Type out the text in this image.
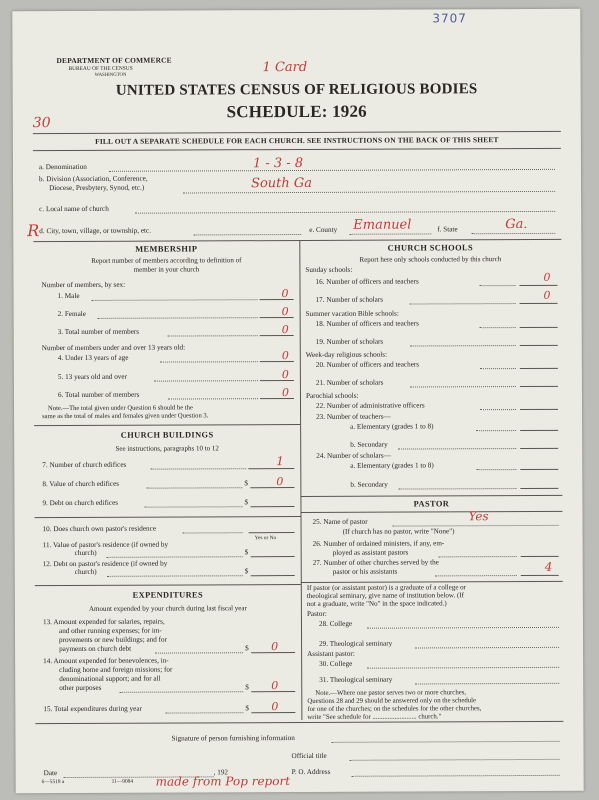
3707
DEPARTMENT OF COMMERCE
BUREAU OF THE CENSUS
WASHINGTON
1 Card
UNITED STATES CENSUS OF RELIGIOUS BODIES
SCHEDULE: 1926
30
FILL OUT A SEPARATE SCHEDULE FOR EACH CHURCH. SEE INSTRUCTIONS ON THE BACK OF THIS SHEET
a. Denomination	1 - 3 - 8
b. Division (Association, Conference,
Diocese, Presbytery, Synod, etc.)	South Ga
c. Local name of church
R d. City, town, village, or township, etc.	e. County Emanuel	f. State	Ga.
MEMBERSHIP
Report number of members according to definition of
member in your church
Number of members, by sex:
1. Male	0
2. Female	0
3. Total number of members	0
Number of members under and over 13 years old:
4. Under 13 years of age	0
5. 13 years old and over	0
6. Total number of members	0
Note.—The total given under Question 6 should be the
same as the total of males and females given under Question 3.
CHURCH BUILDINGS
See instructions, paragraphs 10 to 12
7. Number of church edifices	1
8. Value of church edifices	$	0
9. Debt on church edifices	$
10. Does church own pastor's residence
Yes or No
11. Value of pastor's residence (if owned by
church)	$
12. Debt on pastor's residence (if owned by
church)	$
EXPENDITURES
Amount expended by your church during last fiscal year
13. Amount expended for salaries, repairs,
and other running expenses; for im-
provements or new buildings; and for
payments on church debt	$ 0
14. Amount expended for benevolences, in-
cluding home and foreign missions; for
denominational support; and for all
other purposes	$ 0
15. Total expenditures during year	$ 0
CHURCH SCHOOLS
Report here only schools conducted by this church
Sunday schools:
16. Number of officers and teachers	0
17. Number of scholars	0
Summer vacation Bible schools:
18. Number of officers and teachers
19. Number of scholars
Week-day religious schools:
20. Number of officers and teachers
21. Number of scholars
Parochial schools:
22. Number of administrative officers
23. Number of teachers—
a. Elementary (grades 1 to 8)
b. Secondary
24. Number of scholars—
a. Elementary (grades 1 to 8)
b. Secondary
PASTOR
25. Name of pastor	Yes
(If church has no pastor, write "None")
26. Number of ordained ministers, if any, em-
ployed as assistant pastors
27. Number of other churches served by the
pastor or his assistants	4
If pastor (or assistant pastor) is a graduate of a college or
theological seminary, give name of institution below. (If
not a graduate, write "No" in the space indicated.)
Pastor:
28. College
29. Theological seminary
Assistant pastor:
30. College
31. Theological seminary
Note.—Where one pastor serves two or more churches,
Questions 28 and 29 should be answered only on the schedule
for one of the churches; on the schedules for the other churches,
write "See schedule for .......................... church."
Signature of person furnishing information
Official title
Date	, 192	P. O. Address
6—5518 a	11—9084 made from Pop report
